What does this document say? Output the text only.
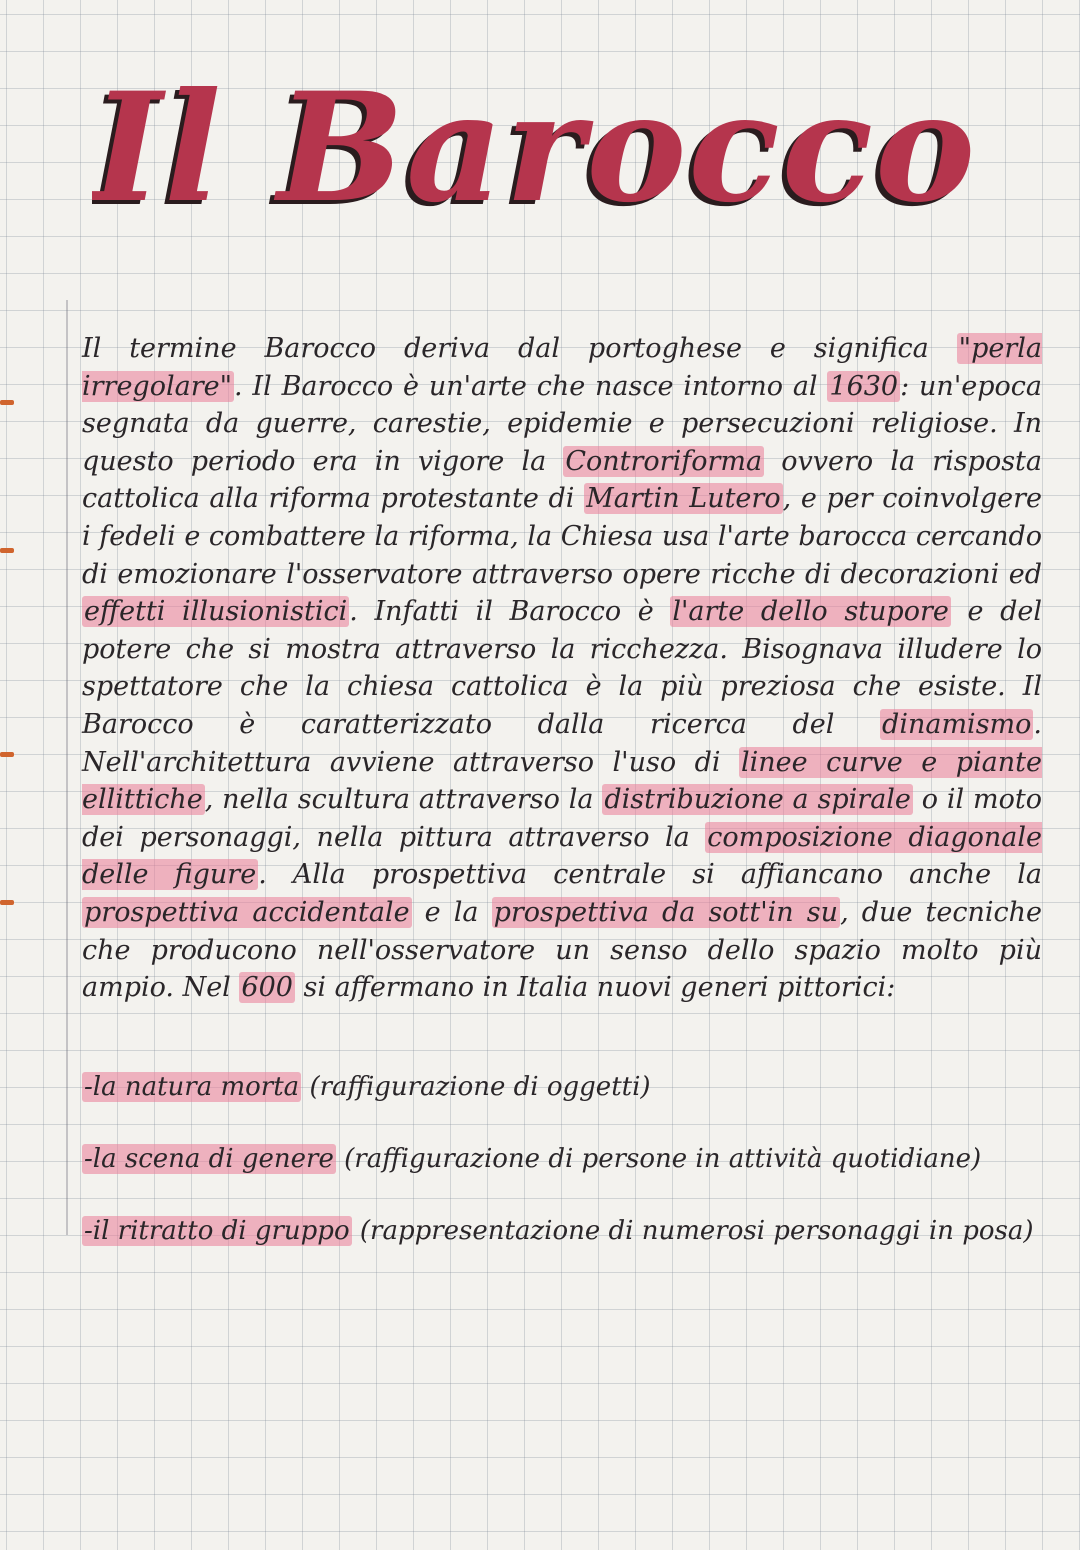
Il Barocco

Il termine Barocco deriva dal portoghese e significa "perla irregolare". Il Barocco è un'arte che nasce intorno al 1630: un'epoca segnata da guerre, carestie, epidemie e persecuzioni religiose. In questo periodo era in vigore la Controriforma ovvero la risposta cattolica alla riforma protestante di Martin Lutero, e per coinvolgere i fedeli e combattere la riforma, la Chiesa usa l'arte barocca cercando di emozionare l'osservatore attraverso opere ricche di decorazioni ed effetti illusionistici. Infatti il Barocco è l'arte dello stupore e del potere che si mostra attraverso la ricchezza. Bisognava illudere lo spettatore che la chiesa cattolica è la più preziosa che esiste. Il Barocco è caratterizzato dalla ricerca del dinamismo. Nell'architettura avviene attraverso l'uso di linee curve e piante ellittiche, nella scultura attraverso la distribuzione a spirale o il moto dei personaggi, nella pittura attraverso la composizione diagonale delle figure. Alla prospettiva centrale si affiancano anche la prospettiva accidentale e la prospettiva da sott'in su, due tecniche che producono nell'osservatore un senso dello spazio molto più ampio. Nel 600 si affermano in Italia nuovi generi pittorici:

-la natura morta (raffigurazione di oggetti)
-la scena di genere (raffigurazione di persone in attività quotidiane)
-il ritratto di gruppo (rappresentazione di numerosi personaggi in posa)
